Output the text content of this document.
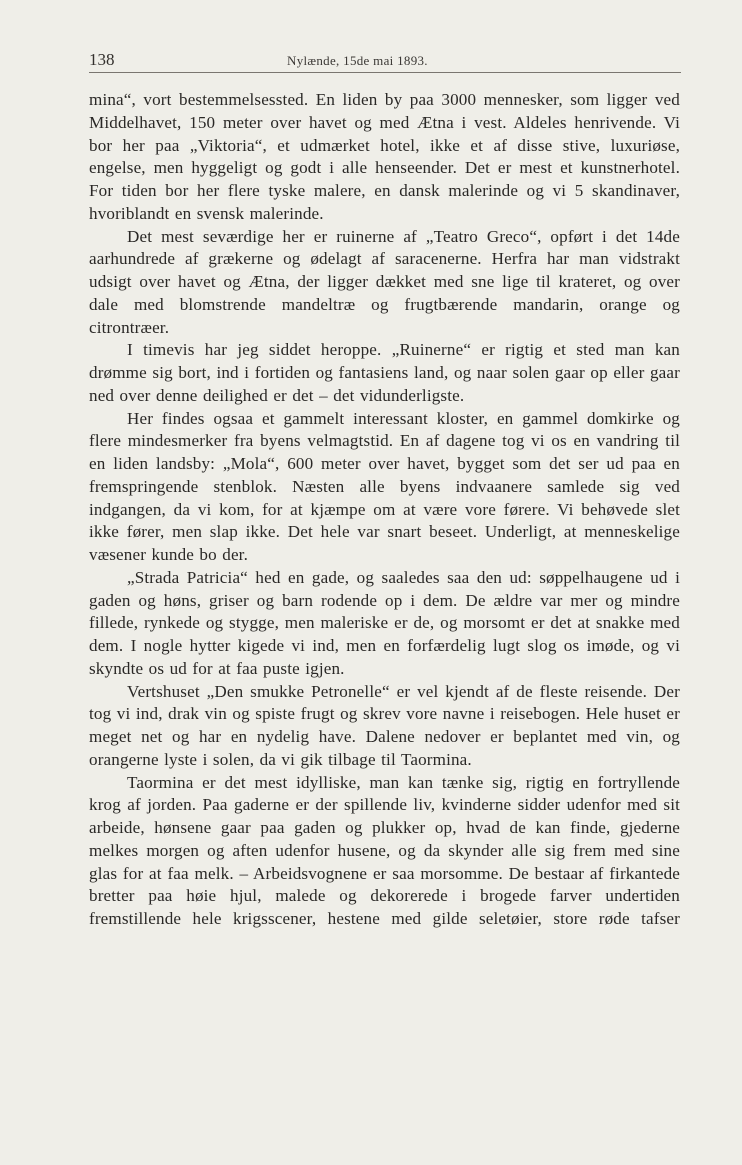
138	Nylænde, 15de mai 1893.

mina“, vort bestemmelsessted. En liden by paa 3000 mennesker, som ligger ved Middelhavet, 150 meter over havet og med Ætna i vest. Aldeles henrivende. Vi bor her paa „Viktoria“, et udmærket hotel, ikke et af disse stive, luxuriøse, engelse, men hyggeligt og godt i alle henseender. Det er mest et kunstnerhotel. For tiden bor her flere tyske malere, en dansk malerinde og vi 5 skandinaver, hvoriblandt en svensk malerinde.

Det mest seværdige her er ruinerne af „Teatro Greco“, opført i det 14de aarhundrede af grækerne og ødelagt af saracenerne. Herfra har man vidstrakt udsigt over havet og Ætna, der ligger dækket med sne lige til krateret, og over dale med blomstrende mandeltræ og frugtbærende mandarin, orange og citrontræer.

I timevis har jeg siddet heroppe. „Ruinerne“ er rigtig et sted man kan drømme sig bort, ind i fortiden og fantasiens land, og naar solen gaar op eller gaar ned over denne deilighed er det – det vidunderligste.

Her findes ogsaa et gammelt interessant kloster, en gammel domkirke og flere mindesmerker fra byens velmagtstid. En af dagene tog vi os en vandring til en liden landsby: „Mola“, 600 meter over havet, bygget som det ser ud paa en fremspringende stenblok. Næsten alle byens indvaanere samlede sig ved indgangen, da vi kom, for at kjæmpe om at være vore førere. Vi behøvede slet ikke fører, men slap ikke. Det hele var snart beseet. Underligt, at menneskelige væsener kunde bo der.

„Strada Patricia“ hed en gade, og saaledes saa den ud: søppelhaugene ud i gaden og høns, griser og barn rodende op i dem. De ældre var mer og mindre fillede, rynkede og stygge, men maleriske er de, og morsomt er det at snakke med dem. I nogle hytter kigede vi ind, men en forfærdelig lugt slog os imøde, og vi skyndte os ud for at faa puste igjen.

Vertshuset „Den smukke Petronelle“ er vel kjendt af de fleste reisende. Der tog vi ind, drak vin og spiste frugt og skrev vore navne i reisebogen. Hele huset er meget net og har en nydelig have. Dalene nedover er beplantet med vin, og orangerne lyste i solen, da vi gik tilbage til Taormina.

Taormina er det mest idylliske, man kan tænke sig, rigtig en fortryllende krog af jorden. Paa gaderne er der spillende liv, kvinderne sidder udenfor med sit arbeide, hønsene gaar paa gaden og plukker op, hvad de kan finde, gjederne melkes morgen og aften udenfor husene, og da skynder alle sig frem med sine glas for at faa melk. – Arbeidsvognene er saa morsomme. De bestaar af firkantede bretter paa høie hjul, malede og dekorerede i brogede farver undertiden fremstillende hele krigsscener, hestene med gilde seletøier, store røde tafser
